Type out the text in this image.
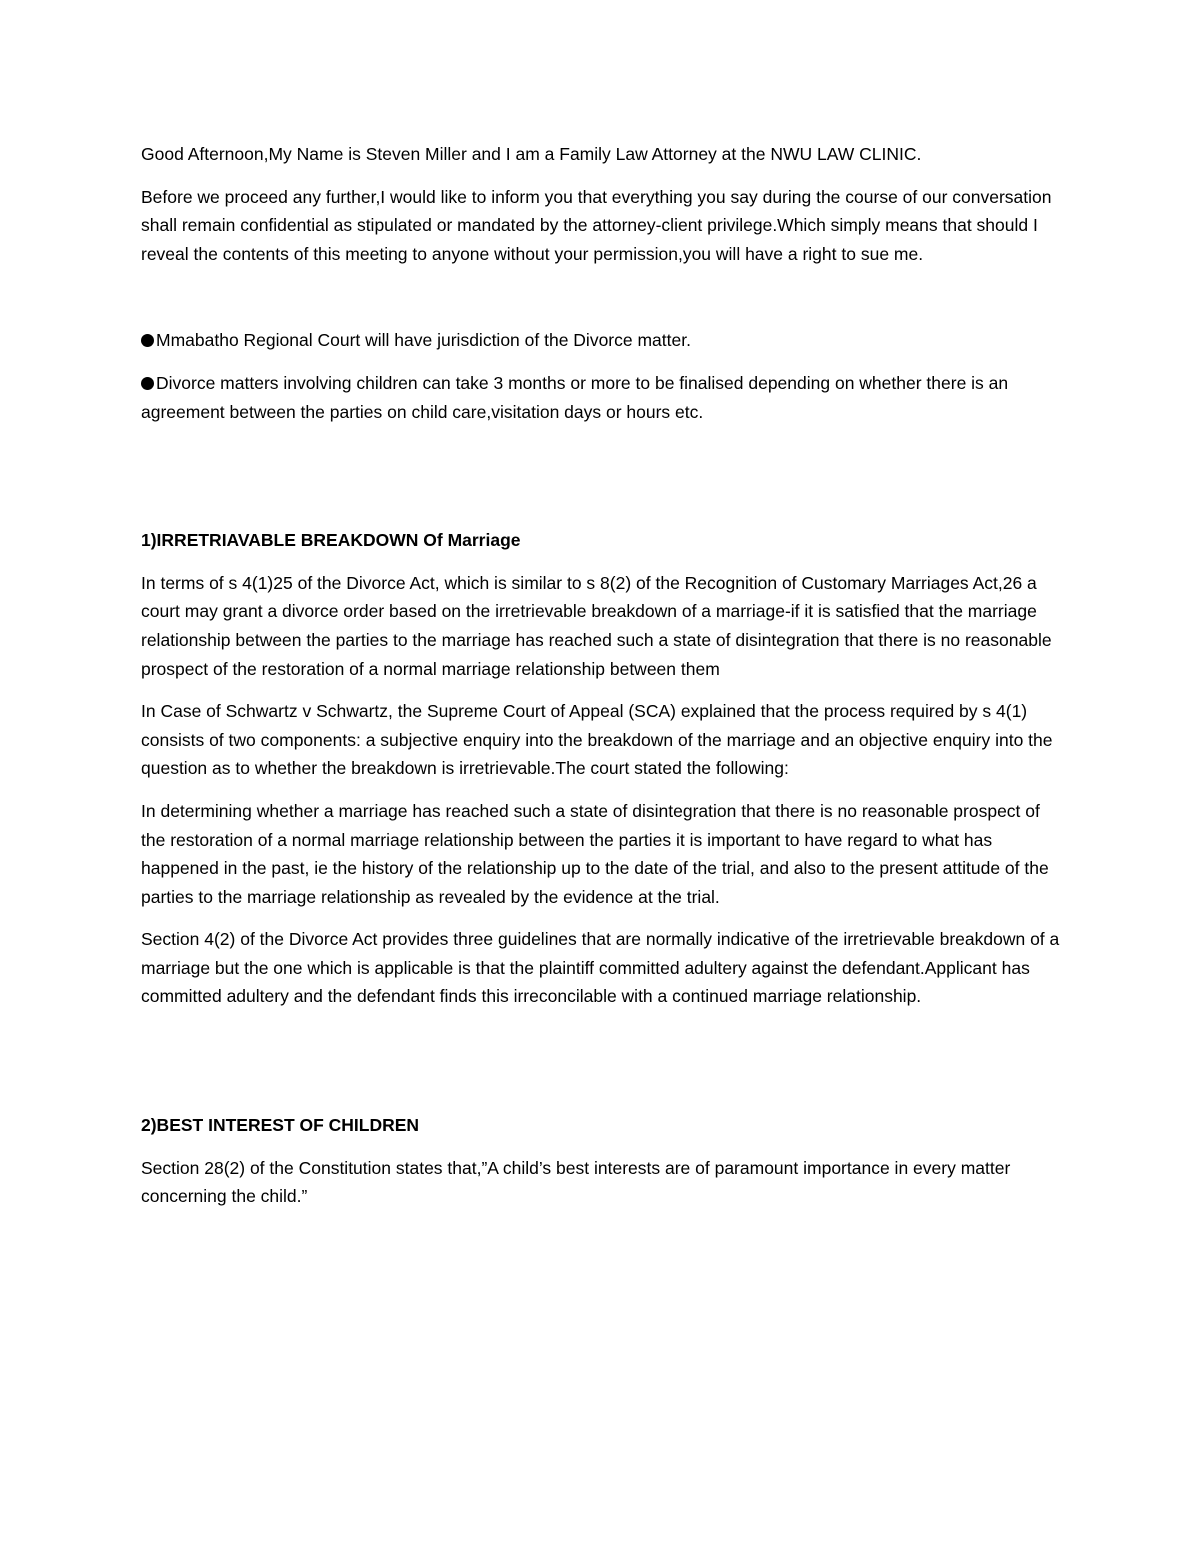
Good Afternoon,My Name is Steven Miller and I am a Family Law Attorney at the NWU LAW CLINIC.

Before we proceed any further,I would like to inform you that everything you say during the course of our conversation shall remain confidential as stipulated or mandated by the attorney-client privilege.Which simply means that should I reveal the contents of this meeting to anyone without your permission,you will have a right to sue me.

Mmabatho Regional Court will have jurisdiction of the Divorce matter.

Divorce matters involving children can take 3 months or more to be finalised depending on whether there is an agreement between the parties on child care,visitation days or hours etc.

1)IRRETRIAVABLE BREAKDOWN Of Marriage

In terms of s 4(1)25 of the Divorce Act, which is similar to s 8(2) of the Recognition of Customary Marriages Act,26 a court may grant a divorce order based on the irretrievable breakdown of a marriage-if it is satisfied that the marriage relationship between the parties to the marriage has reached such a state of disintegration that there is no reasonable prospect of the restoration of a normal marriage relationship between them

In Case of Schwartz v Schwartz, the Supreme Court of Appeal (SCA) explained that the process required by s 4(1) consists of two components: a subjective enquiry into the breakdown of the marriage and an objective enquiry into the question as to whether the breakdown is irretrievable.The court stated the following:

In determining whether a marriage has reached such a state of disintegration that there is no reasonable prospect of the restoration of a normal marriage relationship between the parties it is important to have regard to what has happened in the past, ie the history of the relationship up to the date of the trial, and also to the present attitude of the parties to the marriage relationship as revealed by the evidence at the trial.

Section 4(2) of the Divorce Act provides three guidelines that are normally indicative of the irretrievable breakdown of a marriage but the one which is applicable is that the plaintiff committed adultery against the defendant.Applicant has committed adultery and the defendant finds this irreconcilable with a continued marriage relationship.

2)BEST INTEREST OF CHILDREN

Section 28(2) of the Constitution states that,”A child’s best interests are of paramount importance in every matter concerning the child.”
